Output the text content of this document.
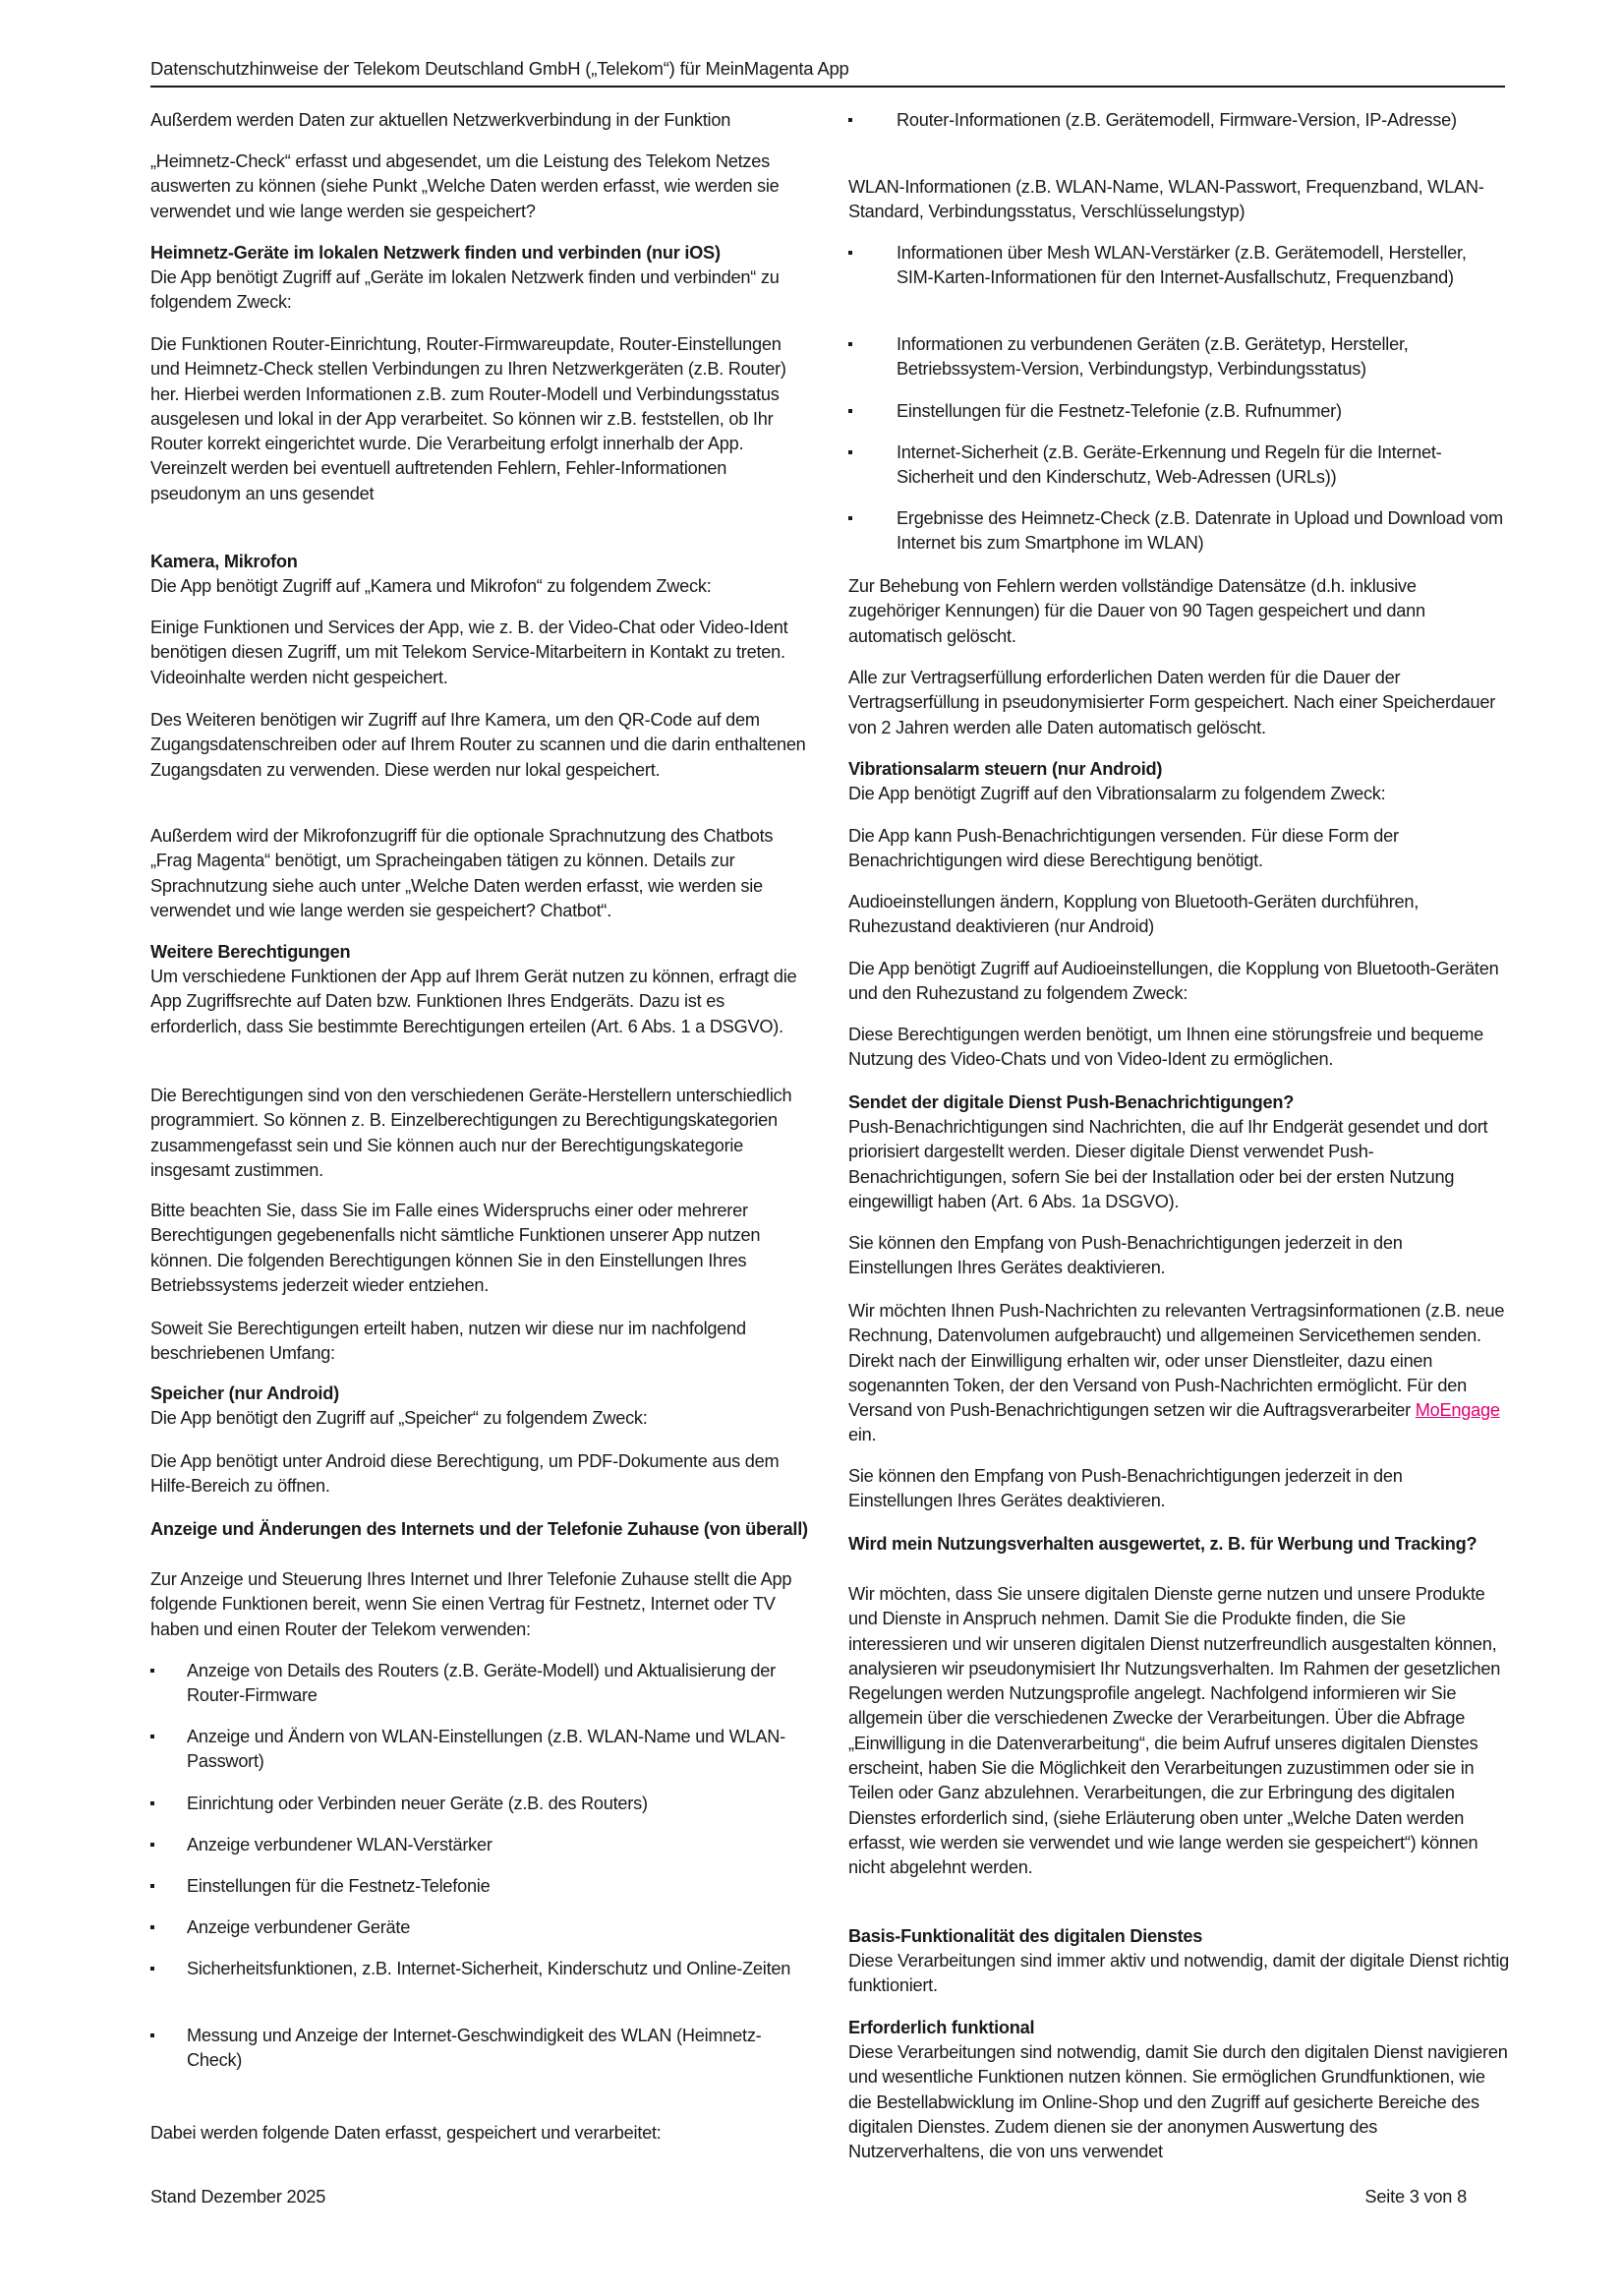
Datenschutzhinweise der Telekom Deutschland GmbH („Telekom“) für MeinMagenta App

Außerdem werden Daten zur aktuellen Netzwerkverbindung in der Funktion

„Heimnetz-Check“ erfasst und abgesendet, um die Leistung des Telekom Netzes auswerten zu können (siehe Punkt „Welche Daten werden erfasst, wie werden sie verwendet und wie lange werden sie gespeichert?

Heimnetz-Geräte im lokalen Netzwerk finden und verbinden (nur iOS)

Die App benötigt Zugriff auf „Geräte im lokalen Netzwerk finden und verbinden“ zu folgendem Zweck:

Die Funktionen Router-Einrichtung, Router-Firmwareupdate, Router-Einstellungen und Heimnetz-Check stellen Verbindungen zu Ihren Netzwerkgeräten (z.B. Router) her. Hierbei werden Informationen z.B. zum Router-Modell und Verbindungsstatus ausgelesen und lokal in der App verarbeitet. So können wir z.B. feststellen, ob Ihr Router korrekt eingerichtet wurde. Die Verarbeitung erfolgt innerhalb der App. Vereinzelt werden bei eventuell auftretenden Fehlern, Fehler-Informationen pseudonym an uns gesendet

Kamera, Mikrofon

Die App benötigt Zugriff auf „Kamera und Mikrofon“ zu folgendem Zweck:

Einige Funktionen und Services der App, wie z. B. der Video-Chat oder Video-Ident benötigen diesen Zugriff, um mit Telekom Service-Mitarbeitern in Kontakt zu treten. Videoinhalte werden nicht gespeichert.

Des Weiteren benötigen wir Zugriff auf Ihre Kamera, um den QR-Code auf dem Zugangsdatenschreiben oder auf Ihrem Router zu scannen und die darin enthaltenen Zugangsdaten zu verwenden. Diese werden nur lokal gespeichert.

Außerdem wird der Mikrofonzugriff für die optionale Sprachnutzung des Chatbots „Frag Magenta“ benötigt, um Spracheingaben tätigen zu können. Details zur Sprachnutzung siehe auch unter „Welche Daten werden erfasst, wie werden sie verwendet und wie lange werden sie gespeichert? Chatbot“.

Weitere Berechtigungen

Um verschiedene Funktionen der App auf Ihrem Gerät nutzen zu können, erfragt die App Zugriffsrechte auf Daten bzw. Funktionen Ihres Endgeräts. Dazu ist es erforderlich, dass Sie bestimmte Berechtigungen erteilen (Art. 6 Abs. 1 a DSGVO).

Die Berechtigungen sind von den verschiedenen Geräte-Herstellern unterschiedlich programmiert. So können z. B. Einzelberechtigungen zu Berechtigungskategorien zusammengefasst sein und Sie können auch nur der Berechtigungskategorie insgesamt zustimmen.

Bitte beachten Sie, dass Sie im Falle eines Widerspruchs einer oder mehrerer Berechtigungen gegebenenfalls nicht sämtliche Funktionen unserer App nutzen können. Die folgenden Berechtigungen können Sie in den Einstellungen Ihres Betriebssystems jederzeit wieder entziehen.

Soweit Sie Berechtigungen erteilt haben, nutzen wir diese nur im nachfolgend beschriebenen Umfang:

Speicher (nur Android)

Die App benötigt den Zugriff auf „Speicher“ zu folgendem Zweck:

Die App benötigt unter Android diese Berechtigung, um PDF-Dokumente aus dem Hilfe-Bereich zu öffnen.

Anzeige und Änderungen des Internets und der Telefonie Zuhause (von überall)

Zur Anzeige und Steuerung Ihres Internet und Ihrer Telefonie Zuhause stellt die App folgende Funktionen bereit, wenn Sie einen Vertrag für Festnetz, Internet oder TV haben und einen Router der Telekom verwenden:

Anzeige von Details des Routers (z.B. Geräte-Modell) und Aktualisierung der Router-Firmware
Anzeige und Ändern von WLAN-Einstellungen (z.B. WLAN-Name und WLAN-Passwort)
Einrichtung oder Verbinden neuer Geräte (z.B. des Routers)
Anzeige verbundener WLAN-Verstärker
Einstellungen für die Festnetz-Telefonie
Anzeige verbundener Geräte
Sicherheitsfunktionen, z.B. Internet-Sicherheit, Kinderschutz und Online-Zeiten
Messung und Anzeige der Internet-Geschwindigkeit des WLAN (Heimnetz-Check)

Dabei werden folgende Daten erfasst, gespeichert und verarbeitet:

Router-Informationen (z.B. Gerätemodell, Firmware-Version, IP-Adresse)

WLAN-Informationen (z.B. WLAN-Name, WLAN-Passwort, Frequenzband, WLAN-Standard, Verbindungsstatus, Verschlüsselungstyp)

Informationen über Mesh WLAN-Verstärker (z.B. Gerätemodell, Hersteller, SIM-Karten-Informationen für den Internet-Ausfallschutz, Frequenzband)
Informationen zu verbundenen Geräten (z.B. Gerätetyp, Hersteller, Betriebssystem-Version, Verbindungstyp, Verbindungsstatus)
Einstellungen für die Festnetz-Telefonie (z.B. Rufnummer)
Internet-Sicherheit (z.B. Geräte-Erkennung und Regeln für die Internet-Sicherheit und den Kinderschutz, Web-Adressen (URLs))
Ergebnisse des Heimnetz-Check (z.B. Datenrate in Upload und Download vom Internet bis zum Smartphone im WLAN)

Zur Behebung von Fehlern werden vollständige Datensätze (d.h. inklusive zugehöriger Kennungen) für die Dauer von 90 Tagen gespeichert und dann automatisch gelöscht.

Alle zur Vertragserfüllung erforderlichen Daten werden für die Dauer der Vertragserfüllung in pseudonymisierter Form gespeichert. Nach einer Speicherdauer von 2 Jahren werden alle Daten automatisch gelöscht.

Vibrationsalarm steuern (nur Android)

Die App benötigt Zugriff auf den Vibrationsalarm zu folgendem Zweck:

Die App kann Push-Benachrichtigungen versenden. Für diese Form der Benachrichtigungen wird diese Berechtigung benötigt.

Audioeinstellungen ändern, Kopplung von Bluetooth-Geräten durchführen, Ruhezustand deaktivieren (nur Android)

Die App benötigt Zugriff auf Audioeinstellungen, die Kopplung von Bluetooth-Geräten und den Ruhezustand zu folgendem Zweck:

Diese Berechtigungen werden benötigt, um Ihnen eine störungsfreie und bequeme Nutzung des Video-Chats und von Video-Ident zu ermöglichen.

Sendet der digitale Dienst Push-Benachrichtigungen?

Push-Benachrichtigungen sind Nachrichten, die auf Ihr Endgerät gesendet und dort priorisiert dargestellt werden. Dieser digitale Dienst verwendet Push-Benachrichtigungen, sofern Sie bei der Installation oder bei der ersten Nutzung eingewilligt haben (Art. 6 Abs. 1a DSGVO).

Sie können den Empfang von Push-Benachrichtigungen jederzeit in den Einstellungen Ihres Gerätes deaktivieren.

Wir möchten Ihnen Push-Nachrichten zu relevanten Vertragsinformationen (z.B. neue Rechnung, Datenvolumen aufgebraucht) und allgemeinen Servicethemen senden. Direkt nach der Einwilligung erhalten wir, oder unser Dienstleiter, dazu einen sogenannten Token, der den Versand von Push-Nachrichten ermöglicht. Für den Versand von Push-Benachrichtigungen setzen wir die Auftragsverarbeiter MoEngage ein.

Sie können den Empfang von Push-Benachrichtigungen jederzeit in den Einstellungen Ihres Gerätes deaktivieren.

Wird mein Nutzungsverhalten ausgewertet, z. B. für Werbung und Tracking?

Wir möchten, dass Sie unsere digitalen Dienste gerne nutzen und unsere Produkte und Dienste in Anspruch nehmen. Damit Sie die Produkte finden, die Sie interessieren und wir unseren digitalen Dienst nutzerfreundlich ausgestalten können, analysieren wir pseudonymisiert Ihr Nutzungsverhalten. Im Rahmen der gesetzlichen Regelungen werden Nutzungsprofile angelegt. Nachfolgend informieren wir Sie allgemein über die verschiedenen Zwecke der Verarbeitungen. Über die Abfrage „Einwilligung in die Datenverarbeitung“, die beim Aufruf unseres digitalen Dienstes erscheint, haben Sie die Möglichkeit den Verarbeitungen zuzustimmen oder sie in Teilen oder Ganz abzulehnen. Verarbeitungen, die zur Erbringung des digitalen Dienstes erforderlich sind, (siehe Erläuterung oben unter „Welche Daten werden erfasst, wie werden sie verwendet und wie lange werden sie gespeichert“) können nicht abgelehnt werden.

Basis-Funktionalität des digitalen Dienstes

Diese Verarbeitungen sind immer aktiv und notwendig, damit der digitale Dienst richtig funktioniert.

Erforderlich funktional

Diese Verarbeitungen sind notwendig, damit Sie durch den digitalen Dienst navigieren und wesentliche Funktionen nutzen können. Sie ermöglichen Grundfunktionen, wie die Bestellabwicklung im Online-Shop und den Zugriff auf gesicherte Bereiche des digitalen Dienstes. Zudem dienen sie der anonymen Auswertung des Nutzerverhaltens, die von uns verwendet

Stand Dezember 2025	Seite 3 von 8
